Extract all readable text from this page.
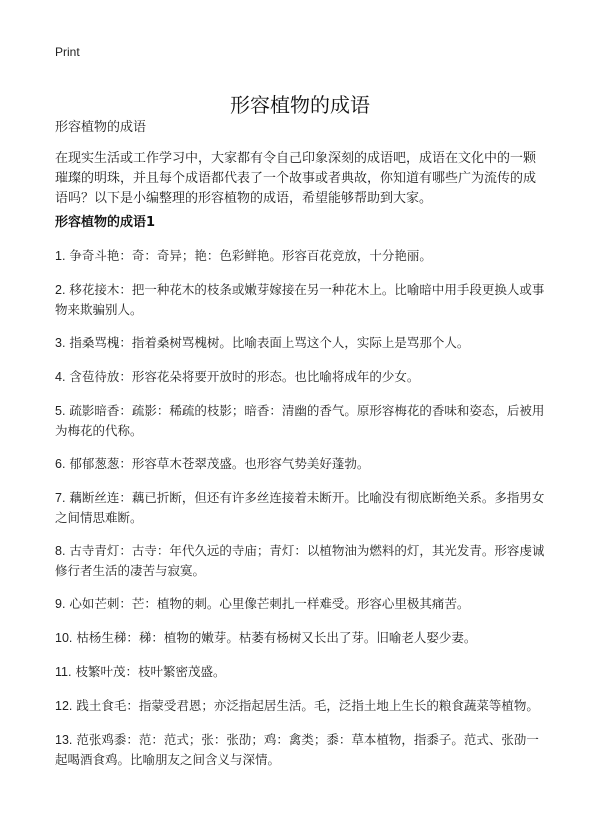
Print
形容植物的成语
形容植物的成语

在现实生活或工作学习中，大家都有令自己印象深刻的成语吧，成语在文化中的一颗璀璨的明珠，并且每个成语都代表了一个故事或者典故，你知道有哪些广为流传的成语吗？以下是小编整理的形容植物的成语，希望能够帮助到大家。

形容植物的成语1
1. 争奇斗艳：奇：奇异；艳：色彩鲜艳。形容百花竞放，十分艳丽。
2. 移花接木：把一种花木的枝条或嫩芽嫁接在另一种花木上。比喻暗中用手段更换人或事物来欺骗别人。
3. 指桑骂槐：指着桑树骂槐树。比喻表面上骂这个人，实际上是骂那个人。
4. 含苞待放：形容花朵将要开放时的形态。也比喻将成年的少女。
5. 疏影暗香：疏影：稀疏的枝影；暗香：清幽的香气。原形容梅花的香味和姿态，后被用为梅花的代称。
6. 郁郁葱葱：形容草木苍翠茂盛。也形容气势美好蓬勃。
7. 藕断丝连：藕已折断，但还有许多丝连接着未断开。比喻没有彻底断绝关系。多指男女之间情思难断。
8. 古寺青灯：古寺：年代久远的寺庙；青灯：以植物油为燃料的灯，其光发青。形容虔诚修行者生活的凄苦与寂寞。
9. 心如芒刺：芒：植物的刺。心里像芒刺扎一样难受。形容心里极其痛苦。
10. 枯杨生稊：稊：植物的嫩芽。枯萎有杨树又长出了芽。旧喻老人娶少妻。
11. 枝繁叶茂：枝叶繁密茂盛。
12. 践土食毛：指蒙受君恩；亦泛指起居生活。毛，泛指土地上生长的粮食蔬菜等植物。
13. 范张鸡黍：范：范式；张：张劭；鸡：禽类；黍：草本植物，指黍子。范式、张劭一起喝酒食鸡。比喻朋友之间含义与深情。
